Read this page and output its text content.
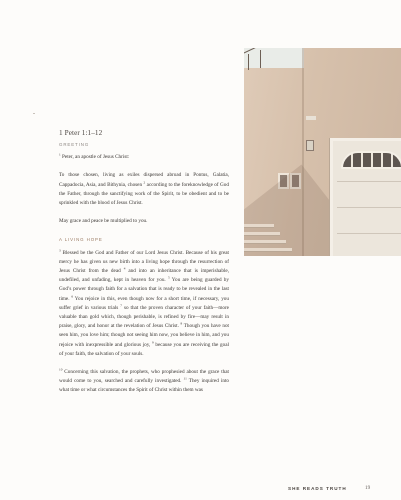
1 Peter 1:1–12
GREETING

$^1$ Peter, an apostle of Jesus Christ:

To those chosen, living as exiles dispersed abroad in Pontus, Galatia, Cappadocia, Asia, and Bithynia, chosen $^2$ according to the foreknowledge of God the Father, through the sanctifying work of the Spirit, to be obedient and to be sprinkled with the blood of Jesus Christ.

May grace and peace be multiplied to you.

A LIVING HOPE

$^3$ Blessed be the God and Father of our Lord Jesus Christ. Because of his great mercy he has given us new birth into a living hope through the resurrection of Jesus Christ from the dead $^4$ and into an inheritance that is imperishable, undefiled, and unfading, kept in heaven for you. $^5$ You are being guarded by God’s power through faith for a salvation that is ready to be revealed in the last time. $^6$ You rejoice in this, even though now for a short time, if necessary, you suffer grief in various trials $^7$ so that the proven character of your faith—more valuable than gold which, though perishable, is refined by fire—may result in praise, glory, and honor at the revelation of Jesus Christ. $^8$ Though you have not seen him, you love him; though not seeing him now, you believe in him, and you rejoice with inexpressible and glorious joy, $^9$ because you are receiving the goal of your faith, the salvation of your souls.

$^{10}$ Concerning this salvation, the prophets, who prophesied about the grace that would come to you, searched and carefully investigated. $^{11}$ They inquired into what time or what circumstances the Spirit of Christ within them was

SHE READS TRUTH	19
